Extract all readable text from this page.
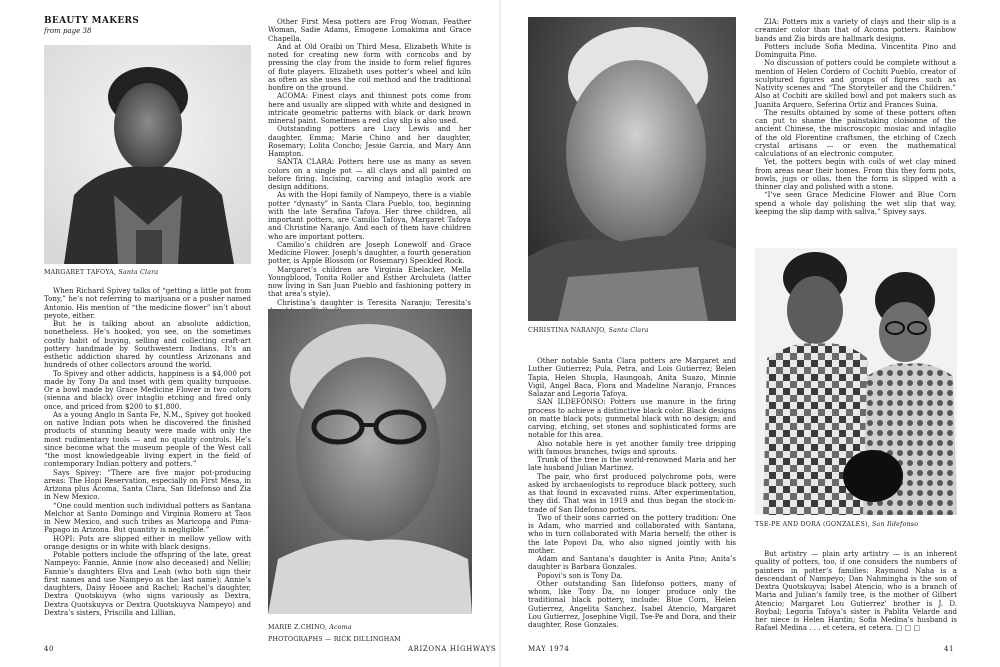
BEAUTY MAKERS
from page 38
MARGARET TAFOYA, Santa Clara

When Richard Spivey talks of “getting a little pot from Tony,” he’s not referring to marijuana or a pusher named Antonio. His mention of “the medicine flower” isn’t about peyote, either.

But he is talking about an absolute addiction, nonetheless. He’s hooked, you see, on the sometimes costly habit of buying, selling and collecting craft-art pottery handmade by Southwestern Indians. It’s an esthetic addiction shared by countless Arizonans and hundreds of other collectors around the world.

To Spivey and other addicts, happiness is a $4,000 pot made by Tony Da and inset with gem quality turquoise. Or a bowl made by Grace Medicine Flower in two colors (sienna and black) over intaglio etching and fired only once, and priced from $200 to $1,800.

As a young Anglo in Santa Fe, N.M., Spivey got hooked on native Indian pots when he discovered the finished products of stunning beauty were made with only the most rudimentary tools — and no quality controls. He’s since become what the museum people of the West call “the most knowledgeable living expert in the field of contemporary Indian pottery and potters.”

Says Spivey: “There are five major pot-producing areas: The Hopi Reservation, especially on First Mesa, in Arizona plus Acoma, Santa Clara, San Ildefonso and Zia in New Mexico.

“One could mention such individual potters as Santana Melchor at Santo Domingo and Virginia Romero at Taos in New Mexico, and such tribes as Maricopa and Pima-Papago in Arizona. But quantity is negligible.”

HOPI: Pots are slipped either in mellow yellow with orange designs or in white with black designs.

Potable potters include the offspring of the late, great Nampeyo: Fannie, Annie (now also deceased) and Nellie; Fannie’s daughters Elva and Leah (who both sign their first names and use Nampeyo as the last name); Annie’s daughters, Daisy Hooee and Rachel; Rachel’s daughter, Dextra Quotskuyva (who signs variously as Dextra, Dextra Quotskuyva or Dextra Quotskuyva Nampeyo) and Dextra’s sisters, Priscilla and Lillian.

Other First Mesa potters are Frog Woman, Feather Woman, Sadie Adams, Emogene Lomakima and Grace Chapella.

And at Old Oraibi on Third Mesa, Elizabeth White is noted for creating new form with corncobs and by pressing the clay from the inside to form relief figures of flute players. Elizabeth uses potter’s wheel and kiln as often as she uses the coil method and the traditional bonfire on the ground.

ACOMA: Finest clays and thinnest pots come from here and usually are slipped with white and designed in intricate geometric patterns with black or dark brown mineral paint. Sometimes a red clay slip is also used.

Outstanding potters are Lucy Lewis and her daughter, Emma; Marie Chino and her daughter, Rosemary; Lolita Concho; Jessie Garcia, and Mary Ann Hampton.

SANTA CLARA: Potters here use as many as seven colors on a single pot — all clays and all painted on before firing. Incising, carving and intaglio work are design additions.

As with the Hopi family of Nampeyo, there is a viable potter “dynasty” in Santa Clara Pueblo, too, beginning with the late Serafina Tafoya. Her three children, all important potters, are Camilio Tafoya, Margaret Tafoya and Christine Naranjo. And each of them have children who are important potters.

Camilio’s children are Joseph Lonewolf and Grace Medicine Flower. Joseph’s daughter, a fourth generation potter, is Apple Blossom (or Rosemary) Speckled Rock.

Margaret’s children are Virginia Ebelacker, Mella Youngblood, Tonita Roller and Esther Archuleta (latter now living in San Juan Pueblo and fashioning pottery in that area’s style).

Christina’s daughter is Teresita Naranjo; Teresita’s

MARIE Z.CHINO, Acoma
PHOTOGRAPHS — RICK DILLINGHAM
40	ARIZONA HIGHWAYS
CHRISTINA NARANJO, Santa Clara

Other notable Santa Clara potters are Margaret and Luther Gutierrez; Pula, Petra, and Lois Gutierrez; Belen Tapia, Helen Shupla, Haungoah, Anita Suazo, Minnie Vigil, Angel Baca, Flora and Madeline Naranjo, Frances Salazar and Legoria Tafoya.

SAN ILDEFONSO: Potters use manure in the firing process to achieve a distinctive black color. Black designs on matte black pots; gunmetal black with no design; and carving, etching, set stones and sophisticated forms are notable for this area.

Also notable here is yet another family tree dripping with famous branches, twigs and sprouts.

Trunk of the tree is the world-renowned Maria and her late husband Julian Martinez.

The pair, who first produced polychrome pots, were asked by archaeologists to reproduce black pottery, such as that found in excavated ruins. After experimentation, they did. That was in 1919 and thus began the stock-in-trade of San Ildefonso potters.

Two of their sons carried on the pottery tradition: One is Adam, who married and collaborated with Santana, who in turn collaborated with Maria herself; the other is the late Popovi Da, who also signed jointly with his mother.

Adam and Santana’s daughter is Anita Pino; Anita’s daughter is Barbara Gonzales.

Popovi’s son is Tony Da.

Other outstanding San Ildefonso potters, many of whom, like Tony Da, no longer produce only the traditional black pottery, include: Blue Corn, Helen Gutierrez, Angelita Sanchez, Isabel Atencio, Margaret Lou Gutierrez, Josephine Vigil, Tse-Pe and Dora, and their daughter, Rose Gonzales.

ZIA: Potters mix a variety of clays and their slip is a creamier color than that of Acoma potters. Rainbow bands and Zia birds are hallmark designs.

Potters include Sofia Medina, Vincentita Pino and Dominguita Pino.

No discussion of potters could be complete without a mention of Helen Cordero of Cochiti Pueblo, creator of sculptured figures and groups of figures such as Nativity scenes and “The Storyteller and the Children.” Also at Cochiti are skilled bowl and pot makers such as Juanita Arquero, Seferina Ortiz and Frances Suina.

The results obtained by some of these potters often can put to shame the painstaking cloisonne of the ancient Chinese, the miscroscopic mosiac and intaglio of the old Florentine craftsmen, the etching of Czech crystal artisans — or even the mathematical calculations of an electronic computer.

Yet, the potters begin with coils of wet clay mined from areas near their homes. From this they form pots, bowls, jugs or ollas, then the form is slipped with a thinner clay and polished with a stone.

“I’ve seen Grace Medicine Flower and Blue Corn spend a whole day polishing the wet slip that way, keeping the slip damp with saliva,” Spivey says.

TSE-PE AND DORA (GONZALES), San Ildefonso

But artistry — plain arty artistry — is an inherent quality of potters, too, if one considers the numbers of painters in potter’s families: Raymond Naha is a descendant of Nampeyo; Dan Nahmingha is the son of Dextra Quotskuyva; Isabel Atencio, who is a branch of Maria and Julian’s family tree, is the mother of Gilbert Atencio; Margaret Lou Gutierrez’ brother is J. D. Roybal; Legoria Tafoya’s sister is Pablita Velarde and her niece is Helen Hardin; Sofia Medina’s husband is Rafael Medina . . . et cetera, et cetera. □ □ □

MAY 1974	41
